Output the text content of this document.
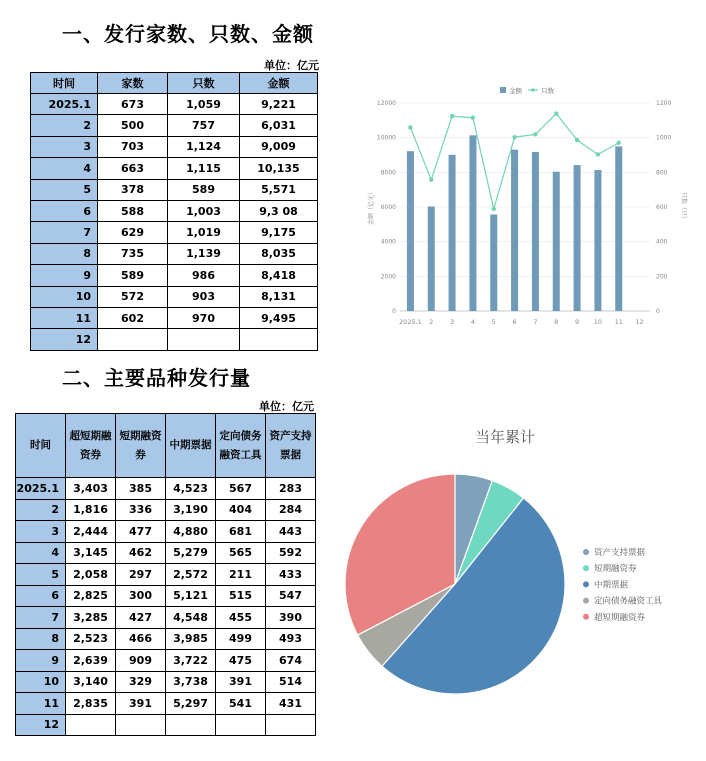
一、发行家数、只数、金额
单位：亿元
时间	家数	只数	金额
2025.1	673	1,059	9,221
2	500	757	6,031
3	703	1,124	9,009
4	663	1,115	10,135
5	378	589	5,571
6	588	1,003	9,3 08
7	629	1,019	9,175
8	735	1,139	8,035
9	589	986	8,418
10	572	903	8,131
11	602	970	9,495
12			
0
2000
4000
6000
8000
10000
12000
0
200
400
600
800
1000
1200
金额（亿元）	只数（只）
2025.1 2	3	4	5	6	7	8	9 10 11 12
金额	只数
二、主要品种发行量
单位：亿元
时间	超短期融资券	短期融资券	中期票据	定向债务融资工具	资产支持票据
2025.1	3,403	385	4,523	567	283
2	1,816	336	3,190	404	284
3	2,444	477	4,880	681	443
4	3,145	462	5,279	565	592
5	2,058	297	2,572	211	433
6	2,825	300	5,121	515	547
7	3,285	427	4,548	455	390
8	2,523	466	3,985	499	493
9	2,639	909	3,722	475	674
10	3,140	329	3,738	391	514
11	2,835	391	5,297	541	431
12					
当年累计
资产支持票据
短期融资券
中期票据
定向债务融资工具
超短期融资券
